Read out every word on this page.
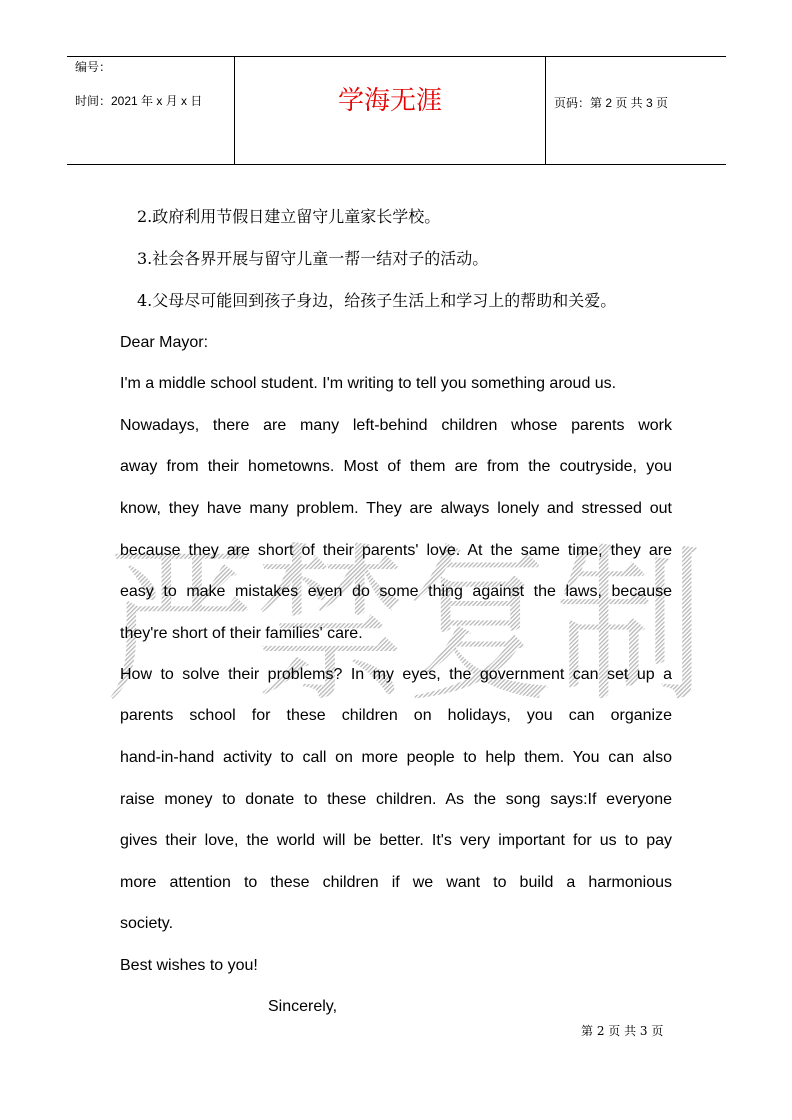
编号：
时间：2021 年 x 月 x 日	学海无涯	页码：第 2 页 共 3 页
严禁复制
2.政府利用节假日建立留守儿童家长学校。
3.社会各界开展与留守儿童一帮一结对子的活动。
4.父母尽可能回到孩子身边，给孩子生活上和学习上的帮助和关爱。
Dear Mayor:
I'm a middle school student. I'm writing to tell you something aroud us.
Nowadays, there are many left-behind children whose parents work
away from their hometowns. Most of them are from the coutryside, you
know, they have many problem. They are always lonely and stressed out
because they are short of their parents' love. At the same time, they are
easy to make mistakes even do some thing against the laws, because
they're short of their families' care.
How to solve their problems? In my eyes, the government can set up a
parents school for these children on holidays, you can organize
hand-in-hand activity to call on more people to help them. You can also
raise money to donate to these children. As the song says:If everyone
gives their love, the world will be better. It's very important for us to pay
more attention to these children if we want to build a harmonious
society.
Best wishes to you!
Sincerely,
第 2 页 共 3 页
